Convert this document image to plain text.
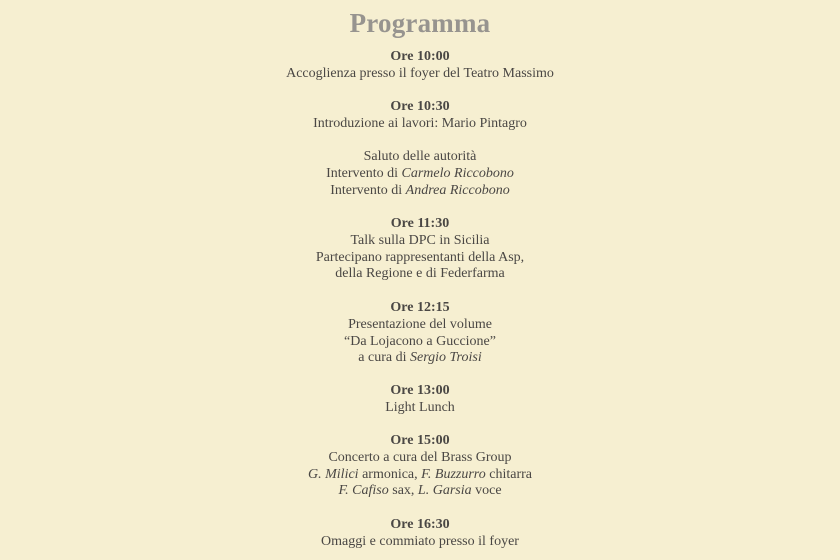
Programma
Ore 10:00
Accoglienza presso il foyer del Teatro Massimo
Ore 10:30
Introduzione ai lavori: Mario Pintagro
Saluto delle autorità
Intervento di Carmelo Riccobono
Intervento di Andrea Riccobono
Ore 11:30
Talk sulla DPC in Sicilia
Partecipano rappresentanti della Asp,
della Regione e di Federfarma
Ore 12:15
Presentazione del volume
“Da Lojacono a Guccione”
a cura di Sergio Troisi
Ore 13:00
Light Lunch
Ore 15:00
Concerto a cura del Brass Group
G. Milici armonica, F. Buzzurro chitarra
F. Cafiso sax, L. Garsia voce
Ore 16:30
Omaggi e commiato presso il foyer
